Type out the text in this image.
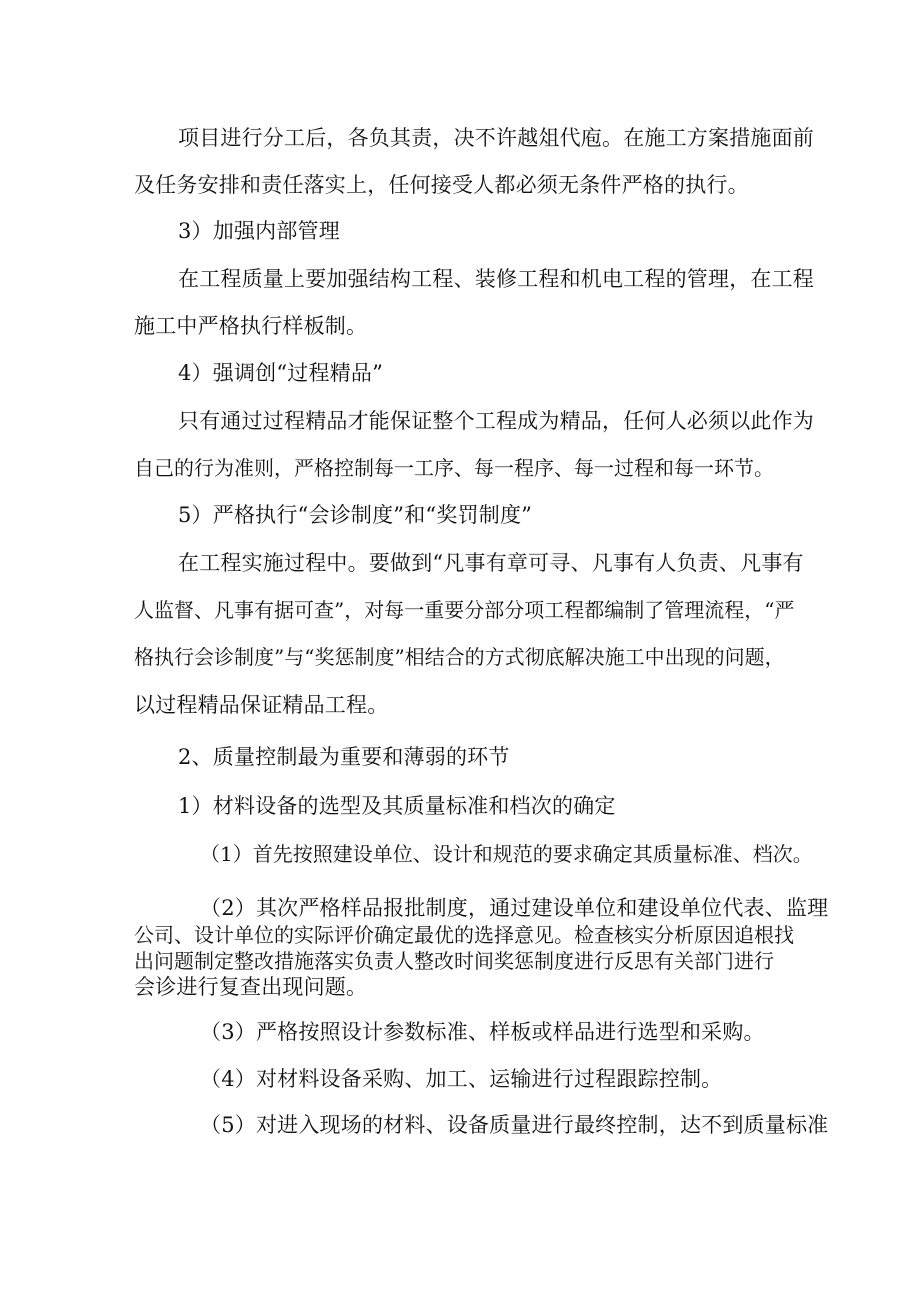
项目进行分工后，各负其责，决不许越俎代庖。在施工方案措施面前
及任务安排和责任落实上，任何接受人都必须无条件严格的执行。
3）加强内部管理
在工程质量上要加强结构工程、装修工程和机电工程的管理，在工程
施工中严格执行样板制。
4）强调创“过程精品”
只有通过过程精品才能保证整个工程成为精品，任何人必须以此作为
自己的行为准则，严格控制每一工序、每一程序、每一过程和每一环节。
5）严格执行“会诊制度”和“奖罚制度”
在工程实施过程中。要做到“凡事有章可寻、凡事有人负责、凡事有
人监督、凡事有据可查”，对每一重要分部分项工程都编制了管理流程，“严
格执行会诊制度”与“奖惩制度”相结合的方式彻底解决施工中出现的问题，
以过程精品保证精品工程。
2、质量控制最为重要和薄弱的环节
1）材料设备的选型及其质量标准和档次的确定
（1）首先按照建设单位、设计和规范的要求确定其质量标准、档次。
（2）其次严格样品报批制度，通过建设单位和建设单位代表、监理
公司、设计单位的实际评价确定最优的选择意见。检查核实分析原因追根找
出问题制定整改措施落实负责人整改时间奖惩制度进行反思有关部门进行
会诊进行复查出现问题。
（3）严格按照设计参数标准、样板或样品进行选型和采购。
（4）对材料设备采购、加工、运输进行过程跟踪控制。
（5）对进入现场的材料、设备质量进行最终控制，达不到质量标准
